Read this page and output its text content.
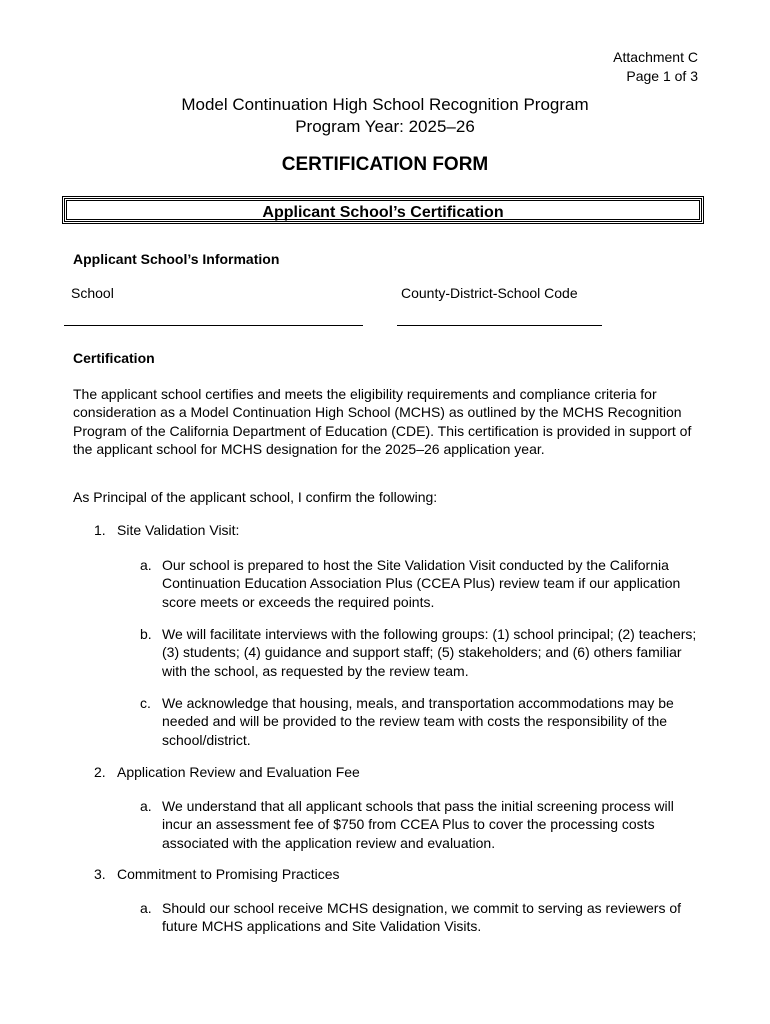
Attachment C
Page 1 of 3
Model Continuation High School Recognition Program
Program Year: 2025–26
CERTIFICATION FORM
Applicant School’s Certification
Applicant School’s Information
School	County-District-School Code
Certification
The applicant school certifies and meets the eligibility requirements and compliance criteria for consideration as a Model Continuation High School (MCHS) as outlined by the MCHS Recognition Program of the California Department of Education (CDE). This certification is provided in support of the applicant school for MCHS designation for the 2025–26 application year.
As Principal of the applicant school, I confirm the following:
1. Site Validation Visit:
a. Our school is prepared to host the Site Validation Visit conducted by the California Continuation Education Association Plus (CCEA Plus) review team if our application score meets or exceeds the required points.
b. We will facilitate interviews with the following groups: (1) school principal; (2) teachers; (3) students; (4) guidance and support staff; (5) stakeholders; and (6) others familiar with the school, as requested by the review team.
c. We acknowledge that housing, meals, and transportation accommodations may be needed and will be provided to the review team with costs the responsibility of the school/district.
2. Application Review and Evaluation Fee
a. We understand that all applicant schools that pass the initial screening process will incur an assessment fee of $750 from CCEA Plus to cover the processing costs associated with the application review and evaluation.
3. Commitment to Promising Practices
a. Should our school receive MCHS designation, we commit to serving as reviewers of future MCHS applications and Site Validation Visits.
